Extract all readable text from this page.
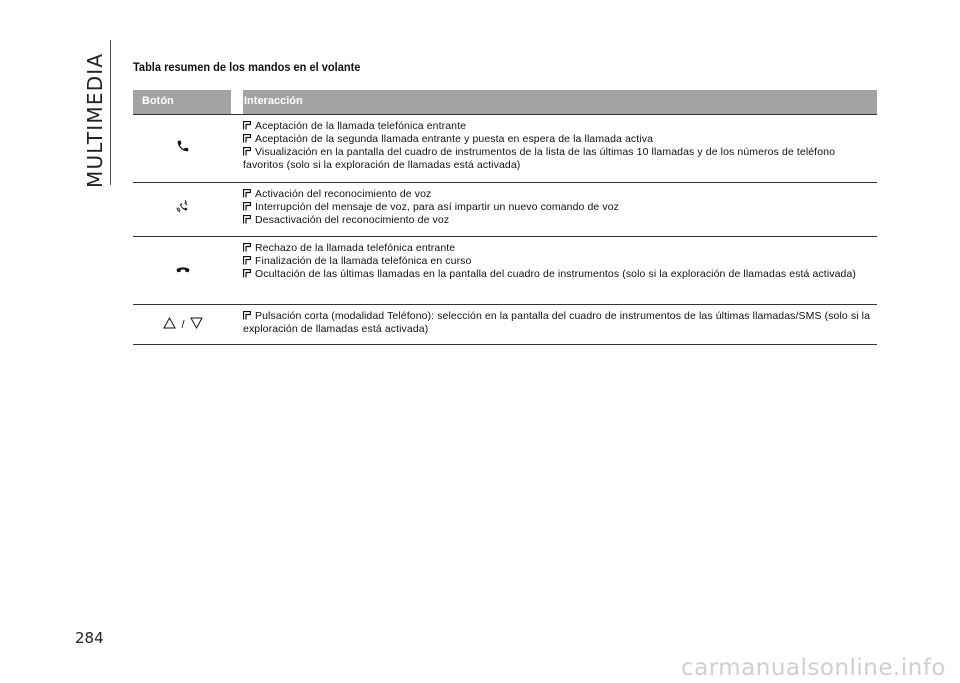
MULTIMEDIA Tabla resumen de los mandos en el volante
Botón	Interacción
Aceptación de la llamada telefónica entrante
Aceptación de la segunda llamada entrante y puesta en espera de la llamada activa
Visualización en la pantalla del cuadro de instrumentos de la lista de las últimas 10 llamadas y de los números de teléfono favoritos (solo si la exploración de llamadas está activada)
Activación del reconocimiento de voz
Interrupción del mensaje de voz, para así impartir un nuevo comando de voz
Desactivación del reconocimiento de voz
Rechazo de la llamada telefónica entrante
Finalización de la llamada telefónica en curso
Ocultación de las últimas llamadas en la pantalla del cuadro de instrumentos (solo si la exploración de llamadas está activada)
/
Pulsación corta (modalidad Teléfono): selección en la pantalla del cuadro de instrumentos de las últimas llamadas/SMS (solo si la exploración de llamadas está activada)
284
carmanualsonline.info
